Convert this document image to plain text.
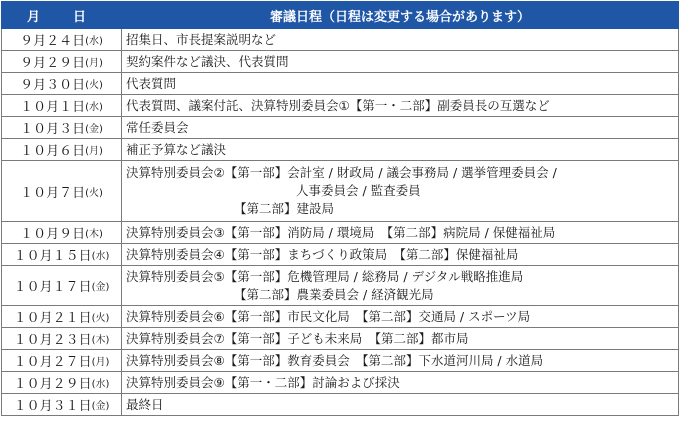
月　日	審議日程（日程は変更する場合があります）
９月２４日(水)	招集日、市長提案説明など

９月２９日(月)	契約案件など議決、代表質問

９月３０日(火)	代表質問

１０月１日(水)	代表質問、議案付託、決算特別委員会①【第一・二部】副委員長の互選など

１０月３日(金)	常任委員会

１０月６日(月)	補正予算など議決

１０月７日(火)	決算特別委員会②【第一部】会計室 / 財政局 / 議会事務局 / 選挙管理委員会 /
人事委員会 / 監査委員
【第二部】建設局

１０月９日(木)	決算特別委員会③【第一部】消防局 / 環境局　【第二部】病院局 / 保健福祉局

１０月１５日(水)	決算特別委員会④【第一部】まちづくり政策局　【第二部】保健福祉局

１０月１７日(金)	決算特別委員会⑤【第一部】危機管理局 / 総務局 / デジタル戦略推進局
【第二部】農業委員会 / 経済観光局

１０月２１日(火)	決算特別委員会⑥【第一部】市民文化局　【第二部】交通局 / スポーツ局

１０月２３日(木)	決算特別委員会⑦【第一部】子ども未来局　【第二部】都市局

１０月２７日(月)	決算特別委員会⑧【第一部】教育委員会　【第二部】下水道河川局 / 水道局

１０月２９日(水)	決算特別委員会⑨【第一・二部】討論および採決

１０月３１日(金)	最終日
